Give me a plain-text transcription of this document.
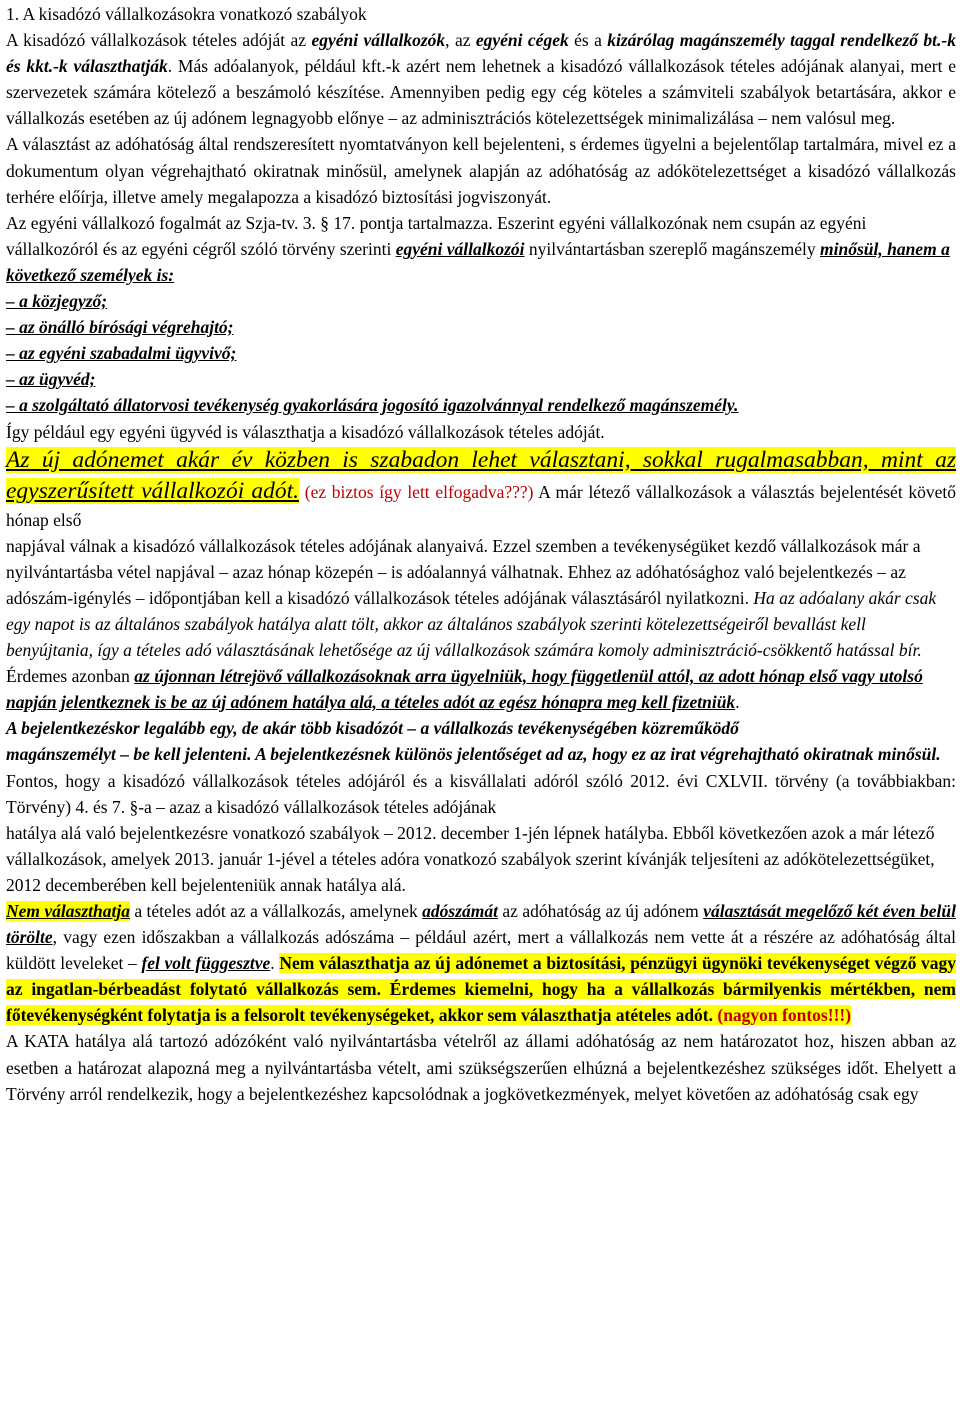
1. A kisadózó vállalkozásokra vonatkozó szabályok

A kisadózó vállalkozások tételes adóját az egyéni vállalkozók, az egyéni cégek és a kizárólag magánszemély taggal rendelkező bt.-k és kkt.-k választhatják. Más adóalanyok, például kft.-k azért nem lehetnek a kisadózó vállalkozások tételes adójának alanyai, mert e szervezetek számára kötelező a beszámoló készítése. Amennyiben pedig egy cég köteles a számviteli szabályok betartására, akkor e vállalkozás esetében az új adónem legnagyobb előnye – az adminisztrációs kötelezettségek minimalizálása – nem valósul meg.

A választást az adóhatóság által rendszeresített nyomtatványon kell bejelenteni, s érdemes ügyelni a bejelentőlap tartalmára, mivel ez a dokumentum olyan végrehajtható okiratnak minősül, amelynek alapján az adóhatóság az adókötelezettséget a kisadózó vállalkozás terhére előírja, illetve amely megalapozza a kisadózó biztosítási jogviszonyát.

Az egyéni vállalkozó fogalmát az Szja-tv. 3. § 17. pontja tartalmazza. Eszerint egyéni vállalkozónak nem csupán az egyéni vállalkozóról és az egyéni cégről szóló törvény szerinti egyéni vállalkozói nyilvántartásban szereplő magánszemély minősül, hanem a következő személyek is:

– a közjegyző;

– az önálló bírósági végrehajtó;

– az egyéni szabadalmi ügyvivő;

– az ügyvéd;

– a szolgáltató állatorvosi tevékenység gyakorlására jogosító igazolvánnyal rendelkező magánszemély.

Így például egy egyéni ügyvéd is választhatja a kisadózó vállalkozások tételes adóját.

Az új adónemet akár év közben is szabadon lehet választani, sokkal rugalmasabban, mint az egyszerűsített vállalkozói adót. (ez biztos így lett elfogadva???) A már létező vállalkozások a választás bejelentését követő hónap első

napjával válnak a kisadózó vállalkozások tételes adójának alanyaivá. Ezzel szemben a tevékenységüket kezdő vállalkozások már a nyilvántartásba vétel napjával – azaz hónap közepén – is adóalannyá válhatnak. Ehhez az adóhatósághoz való bejelentkezés – az adószám-igénylés – időpontjában kell a kisadózó vállalkozások tételes adójának választásáról nyilatkozni. Ha az adóalany akár csak egy napot is az általános szabályok hatálya alatt tölt, akkor az általános szabályok szerinti kötelezettségeiről bevallást kell benyújtania, így a tételes adó választásának lehetősége az új vállalkozások számára komoly adminisztráció-csökkentő hatással bír. Érdemes azonban az újonnan létrejövő vállalkozásoknak arra ügyelniük, hogy függetlenül attól, az adott hónap első vagy utolsó napján jelentkeznek is be az új adónem hatálya alá, a tételes adót az egész hónapra meg kell fizetniük.

A bejelentkezéskor legalább egy, de akár több kisadózót – a vállalkozás tevékenységében közreműködő

magánszemélyt – be kell jelenteni. A bejelentkezésnek különös jelentőséget ad az, hogy ez az irat végrehajtható okiratnak minősül.

Fontos, hogy a kisadózó vállalkozások tételes adójáról és a kisvállalati adóról szóló 2012. évi CXLVII. törvény (a továbbiakban: Törvény) 4. és 7. §-a – azaz a kisadózó vállalkozások tételes adójának

hatálya alá való bejelentkezésre vonatkozó szabályok – 2012. december 1-jén lépnek hatályba. Ebből következően azok a már létező vállalkozások, amelyek 2013. január 1-jével a tételes adóra vonatkozó szabályok szerint kívánják teljesíteni az adókötelezettségüket, 2012 decemberében kell bejelenteniük annak hatálya alá.

Nem választhatja a tételes adót az a vállalkozás, amelynek adószámát az adóhatóság az új adónem választását megelőző két éven belül törölte, vagy ezen időszakban a vállalkozás adószáma – például azért, mert a vállalkozás nem vette át a részére az adóhatóság által küldött leveleket – fel volt függesztve. Nem választhatja az új adónemet a biztosítási, pénzügyi ügynöki tevékenységet végző vagy az ingatlan-bérbeadást folytató vállalkozás sem. Érdemes kiemelni, hogy ha a vállalkozás bármilyenkis mértékben, nem főtevékenységként folytatja is a felsorolt tevékenységeket, akkor sem választhatja atételes adót. (nagyon fontos!!!)

A KATA hatálya alá tartozó adózóként való nyilvántartásba vételről az állami adóhatóság az nem határozatot hoz, hiszen abban az esetben a határozat alapozná meg a nyilvántartásba vételt, ami szükségszerűen elhúzná a bejelentkezéshez szükséges időt. Ehelyett a Törvény arról rendelkezik, hogy a bejelentkezéshez kapcsolódnak a jogkövetkezmények, melyet követően az adóhatóság csak egy
